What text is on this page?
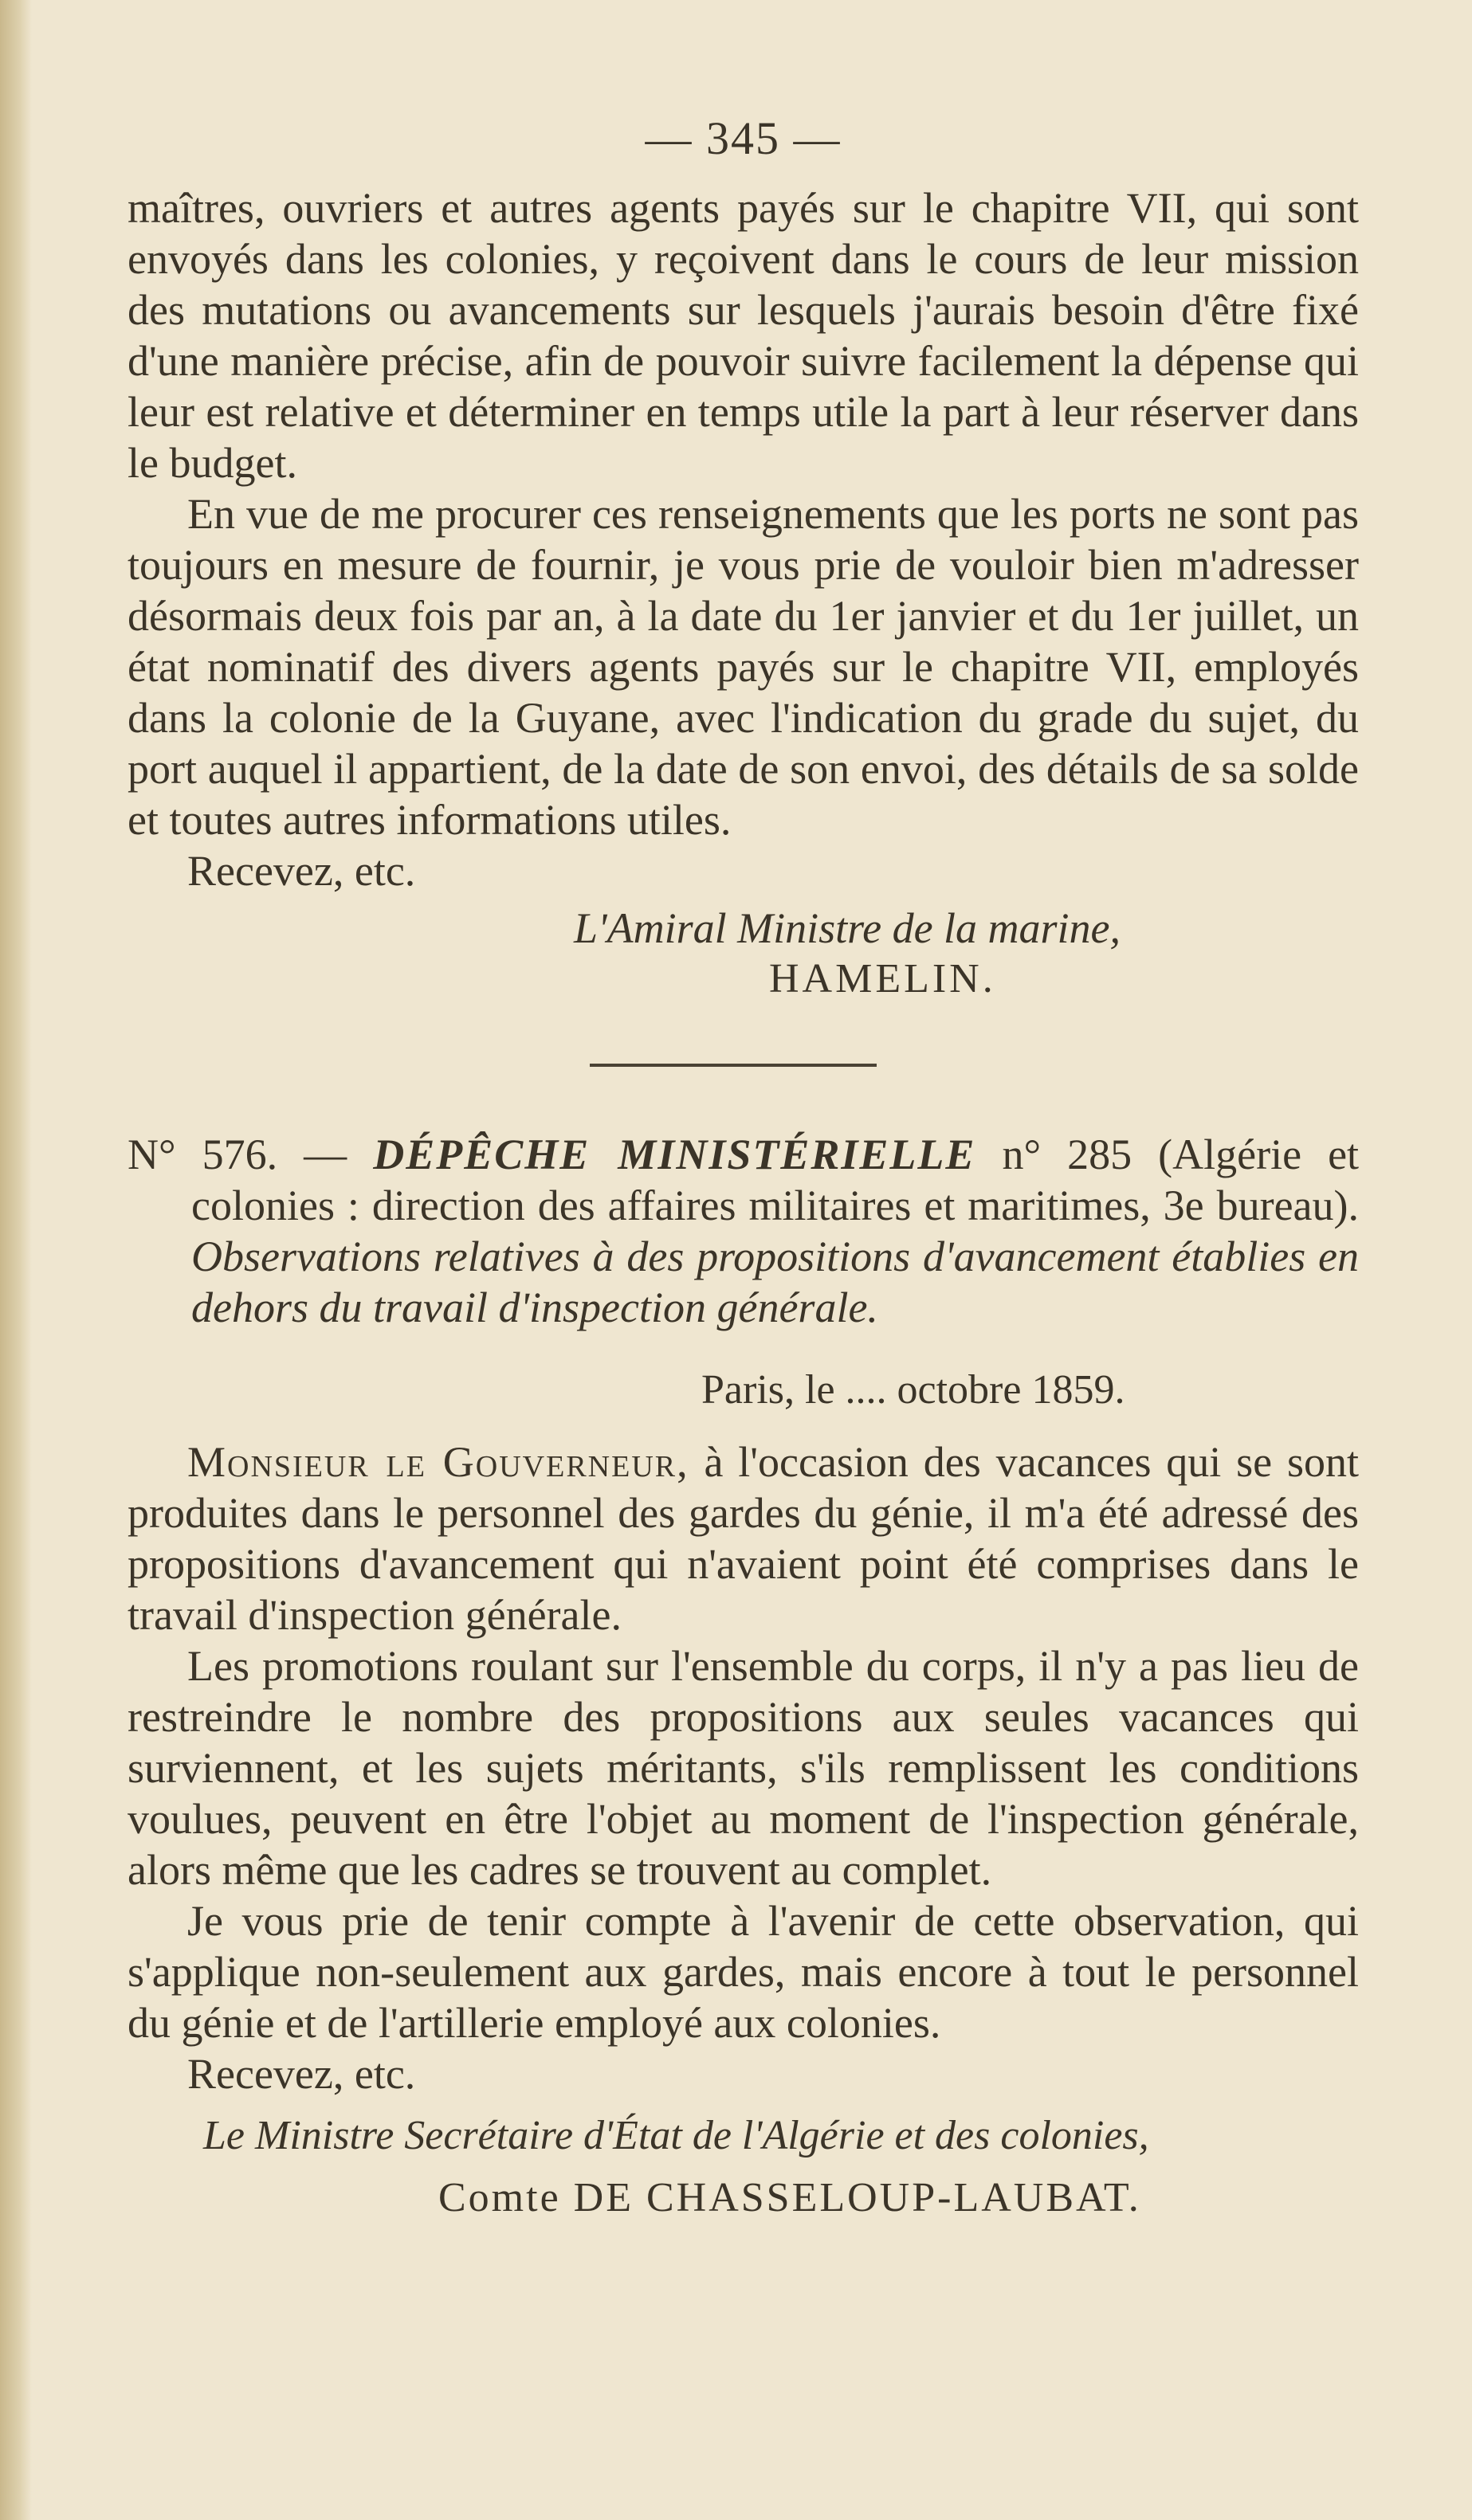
— 345 —

maîtres, ouvriers et autres agents payés sur le chapitre VII, qui sont envoyés dans les colonies, y reçoivent dans le cours de leur mission des mutations ou avancements sur lesquels j'aurais besoin d'être fixé d'une manière précise, afin de pouvoir suivre facilement la dépense qui leur est relative et déterminer en temps utile la part à leur réserver dans le budget.

En vue de me procurer ces renseignements que les ports ne sont pas toujours en mesure de fournir, je vous prie de vouloir bien m'adresser désormais deux fois par an, à la date du 1er janvier et du 1er juillet, un état nominatif des divers agents payés sur le chapitre VII, employés dans la colonie de la Guyane, avec l'indication du grade du sujet, du port auquel il appartient, de la date de son envoi, des détails de sa solde et toutes autres informations utiles.

Recevez, etc.

L'Amiral Ministre de la marine,
HAMELIN.

N° 576. — DÉPÊCHE MINISTÉRIELLE n° 285 (Algérie et colonies : direction des affaires militaires et maritimes, 3e bureau). Observations relatives à des propositions d'avancement établies en dehors du travail d'inspection générale.

Paris, le .... octobre 1859.

Monsieur le Gouverneur, à l'occasion des vacances qui se sont produites dans le personnel des gardes du génie, il m'a été adressé des propositions d'avancement qui n'avaient point été comprises dans le travail d'inspection générale.

Les promotions roulant sur l'ensemble du corps, il n'y a pas lieu de restreindre le nombre des propositions aux seules vacances qui surviennent, et les sujets méritants, s'ils remplissent les conditions voulues, peuvent en être l'objet au moment de l'inspection générale, alors même que les cadres se trouvent au complet.

Je vous prie de tenir compte à l'avenir de cette observation, qui s'applique non-seulement aux gardes, mais encore à tout le personnel du génie et de l'artillerie employé aux colonies.

Recevez, etc.

Le Ministre Secrétaire d'État de l'Algérie et des colonies,
Comte DE CHASSELOUP-LAUBAT.
